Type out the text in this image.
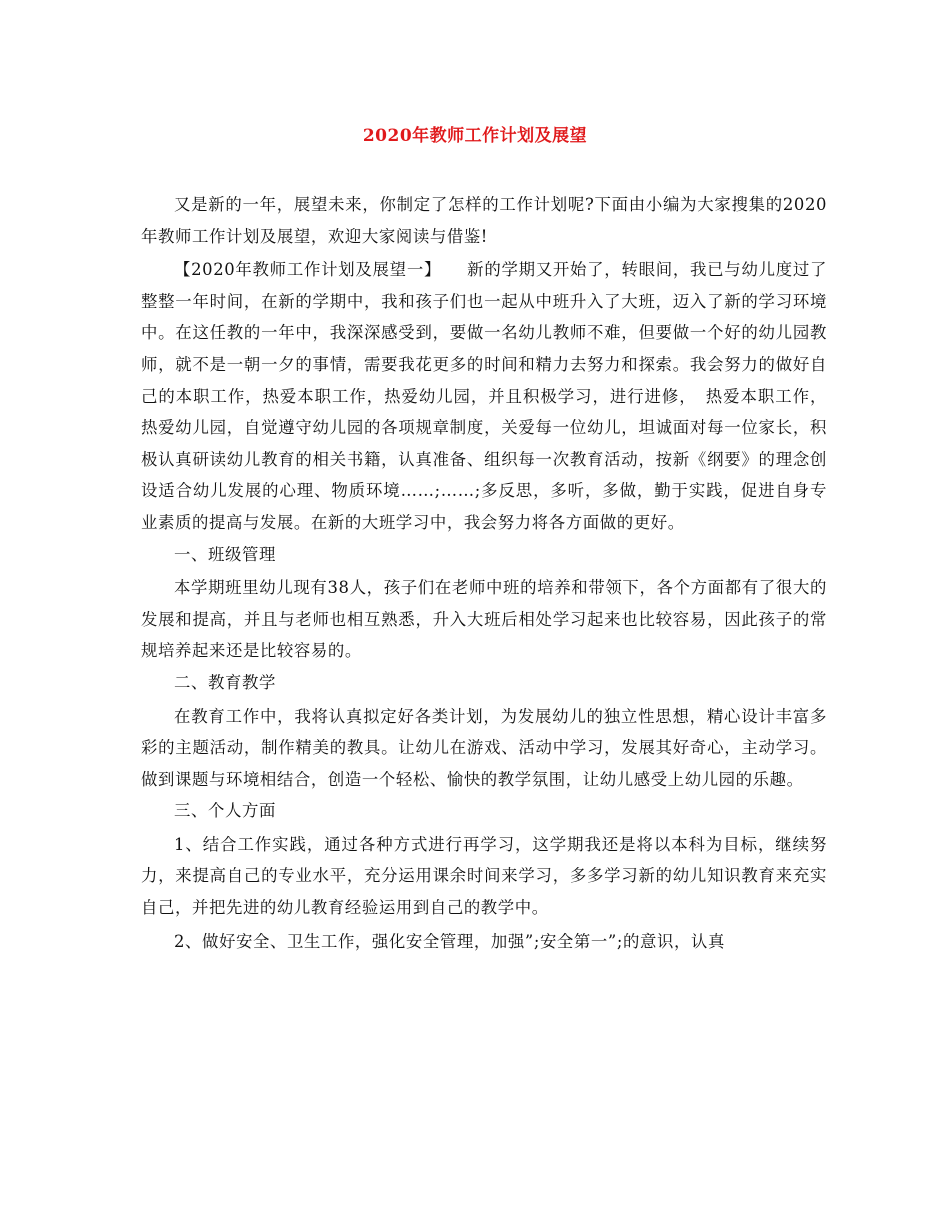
2020年教师工作计划及展望

又是新的一年，展望未来，你制定了怎样的工作计划呢?下面由小编为大家搜集的2020年教师工作计划及展望，欢迎大家阅读与借鉴!

【2020年教师工作计划及展望一】　　新的学期又开始了，转眼间，我已与幼儿度过了整整一年时间，在新的学期中，我和孩子们也一起从中班升入了大班，迈入了新的学习环境中。在这任教的一年中，我深深感受到，要做一名幼儿教师不难，但要做一个好的幼儿园教师，就不是一朝一夕的事情，需要我花更多的时间和精力去努力和探索。我会努力的做好自己的本职工作，热爱本职工作，热爱幼儿园，并且积极学习，进行进修，　热爱本职工作，热爱幼儿园，自觉遵守幼儿园的各项规章制度，关爱每一位幼儿，坦诚面对每一位家长，积极认真研读幼儿教育的相关书籍，认真准备、组织每一次教育活动，按新《纲要》的理念创设适合幼儿发展的心理、物质环境……;……;多反思，多听，多做，勤于实践，促进自身专业素质的提高与发展。在新的大班学习中，我会努力将各方面做的更好。

一、班级管理

本学期班里幼儿现有38人，孩子们在老师中班的培养和带领下，各个方面都有了很大的发展和提高，并且与老师也相互熟悉，升入大班后相处学习起来也比较容易，因此孩子的常规培养起来还是比较容易的。

二、教育教学

在教育工作中，我将认真拟定好各类计划，为发展幼儿的独立性思想，精心设计丰富多彩的主题活动，制作精美的教具。让幼儿在游戏、活动中学习，发展其好奇心，主动学习。做到课题与环境相结合，创造一个轻松、愉快的教学氛围，让幼儿感受上幼儿园的乐趣。

三、个人方面

1、结合工作实践，通过各种方式进行再学习，这学期我还是将以本科为目标，继续努力，来提高自己的专业水平，充分运用课余时间来学习，多多学习新的幼儿知识教育来充实自己，并把先进的幼儿教育经验运用到自己的教学中。

2、做好安全、卫生工作，强化安全管理，加强”;安全第一”;的意识，认真
